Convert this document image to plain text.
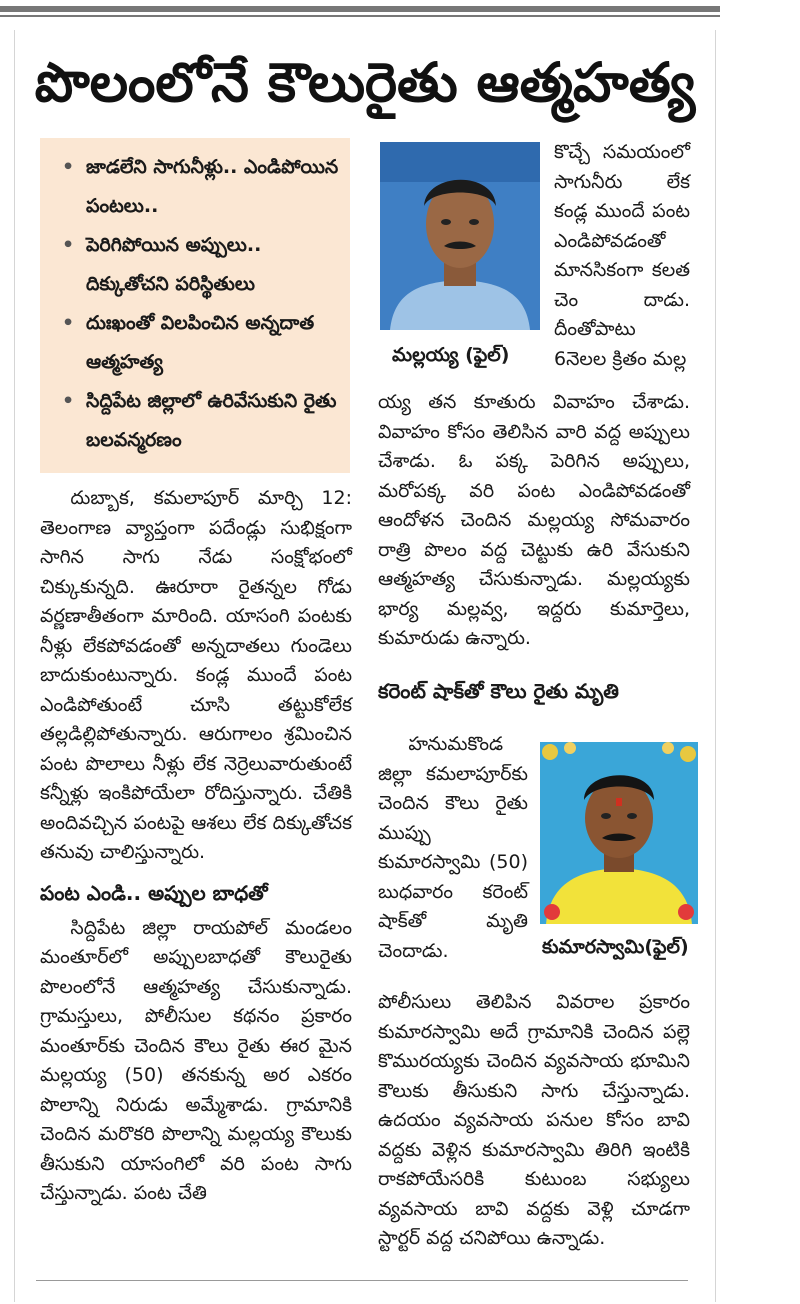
పొలంలోనే కౌలురైతు ఆత్మహత్య
• జాడలేని సాగునీళ్లు.. ఎండిపోయిన పంటలు..
• పెరిగిపోయిన అప్పులు.. దిక్కుతోచని పరిస్థితులు
• దుఃఖంతో విలపించిన అన్నదాత ఆత్మహత్య
• సిద్దిపేట జిల్లాలో ఉరివేసుకుని రైతు బలవన్మరణం

దుబ్బాక, కమలాపూర్ మార్చి 12: తెలంగాణ వ్యాప్తంగా పదేండ్లు సుభిక్షంగా సాగిన సాగు నేడు సంక్షోభంలో చిక్కుకున్నది. ఊరూరా రైతన్నల గోడు వర్ణణాతీతంగా మారింది. యాసంగి పంటకు నీళ్లు లేకపోవడంతో అన్నదాతలు గుండెలు బాదుకుంటున్నారు. కండ్ల ముందే పంట ఎండిపోతుంటే చూసి తట్టుకోలేక తల్లడిల్లిపోతున్నారు. ఆరుగాలం శ్రమించిన పంట పొలాలు నీళ్లు లేక నెర్రెలువారుతుంటే కన్నీళ్లు ఇంకిపోయేలా రోదిస్తున్నారు. చేతికి అందివచ్చిన పంటపై ఆశలు లేక దిక్కుతోచక తనువు చాలిస్తున్నారు.

పంట ఎండి.. అప్పుల బాధతో

సిద్దిపేట జిల్లా రాయపోల్ మండలం మంతూర్‌లో అప్పులబాధతో కౌలురైతు పొలంలోనే ఆత్మహత్య చేసుకున్నాడు. గ్రామస్తులు, పోలీసుల కథనం ప్రకారం మంతూర్‌కు చెందిన కౌలు రైతు ఈర మైన మల్లయ్య (50) తనకున్న అర ఎకరం పొలాన్ని నిరుడు అమ్మేశాడు. గ్రామానికి చెందిన మరొకరి పొలాన్ని మల్లయ్య కౌలుకు తీసుకుని యాసంగిలో వరి పంట సాగు చేస్తున్నాడు. పంట చేతి

మల్లయ్య (ఫైల్)

కొచ్చే సమయంలో సాగునీరు లేక కండ్ల ముందే పంట ఎండిపోవడంతో మానసికంగా కలత చెం దాడు. దీంతోపాటు 6నెలల క్రితం మల్ల

య్య తన కూతురు వివాహం చేశాడు. వివాహం కోసం తెలిసిన వారి వద్ద అప్పులు చేశాడు. ఓ పక్క పెరిగిన అప్పులు, మరోపక్క వరి పంట ఎండిపోవడంతో ఆందోళన చెందిన మల్లయ్య సోమవారం రాత్రి పొలం వద్ద చెట్టుకు ఉరి వేసుకుని ఆత్మహత్య చేసుకున్నాడు. మల్లయ్యకు భార్య మల్లవ్వ, ఇద్దరు కుమార్తెలు, కుమారుడు ఉన్నారు.

కరెంట్ షాక్‌తో కౌలు రైతు మృతి
కుమారస్వామి(ఫైల్)

హనుమకొండ జిల్లా కమలాపూర్‌కు చెందిన కౌలు రైతు ముప్పు కుమారస్వామి (50) బుధవారం కరెంట్ షాక్‌తో మృతి చెందాడు.

పోలీసులు తెలిపిన వివరాల ప్రకారం కుమారస్వామి అదే గ్రామానికి చెందిన పల్లె కొమురయ్యకు చెందిన వ్యవసాయ భూమిని కౌలుకు తీసుకుని సాగు చేస్తున్నాడు. ఉదయం వ్యవసాయ పనుల కోసం బావి వద్దకు వెళ్లిన కుమారస్వామి తిరిగి ఇంటికి రాకపోయేసరికి కుటుంబ సభ్యులు వ్యవసాయ బావి వద్దకు వెళ్లి చూడగా స్టార్టర్ వద్ద చనిపోయి ఉన్నాడు.
